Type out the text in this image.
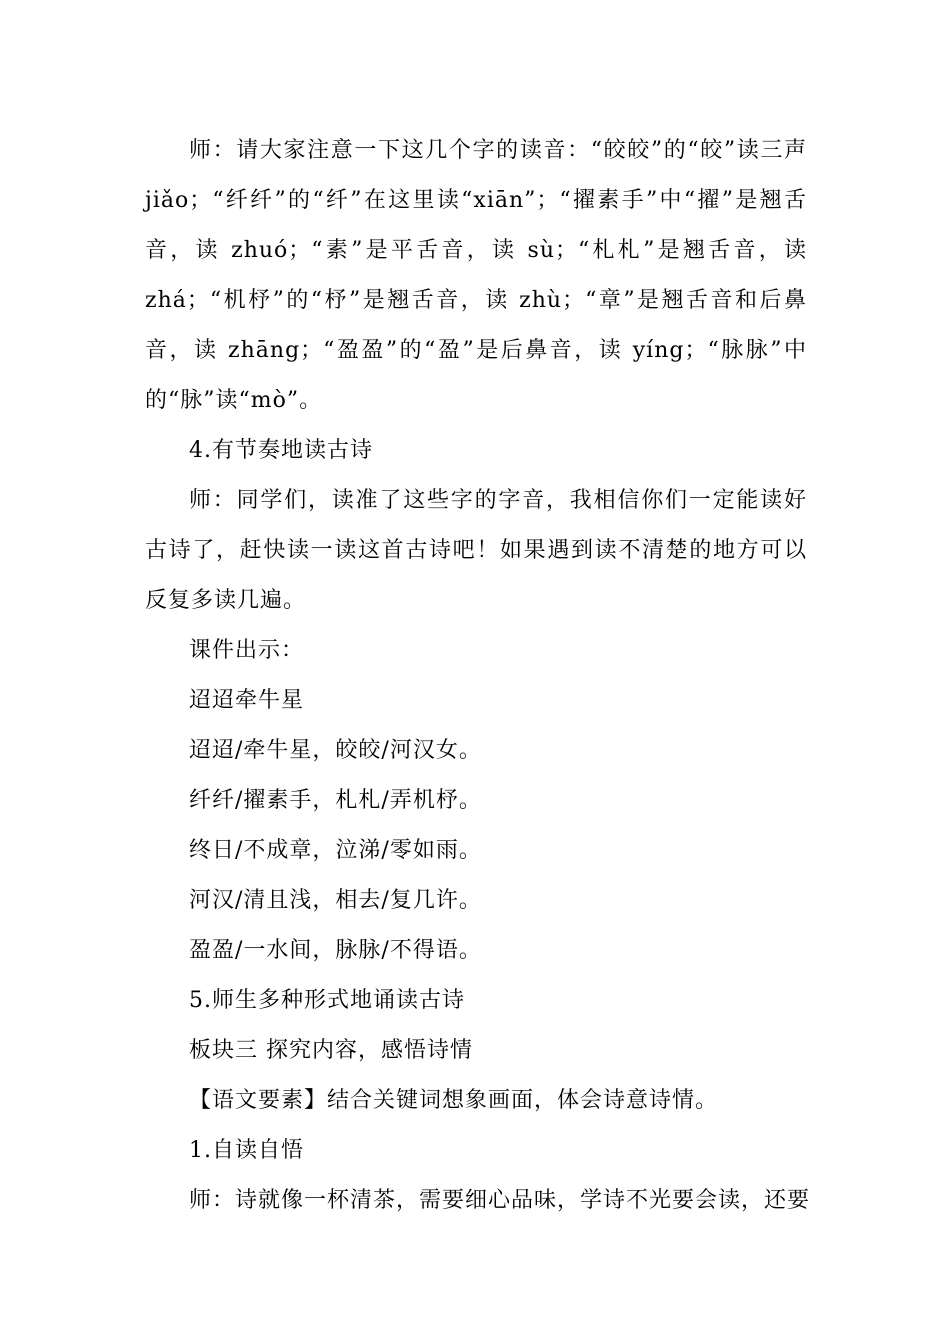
师：请大家注意一下这几个字的读音：“皎皎”的“皎”读三声 jiǎo；“纤纤”的“纤”在这里读“xiān”；“擢素手”中“擢”是翘舌音，读 zhuó；“素”是平舌音，读 sù；“札札”是翘舌音，读 zhá；“机杼”的“杼”是翘舌音，读 zhù；“章”是翘舌音和后鼻音，读 zhāng；“盈盈”的“盈”是后鼻音，读 yíng；“脉脉”中的“脉”读“mò”。

4.有节奏地读古诗

师：同学们，读准了这些字的字音，我相信你们一定能读好古诗了，赶快读一读这首古诗吧！如果遇到读不清楚的地方可以反复多读几遍。

课件出示：

迢迢牵牛星

迢迢/牵牛星，皎皎/河汉女。

纤纤/擢素手，札札/弄机杼。

终日/不成章，泣涕/零如雨。

河汉/清且浅，相去/复几许。

盈盈/一水间，脉脉/不得语。

5.师生多种形式地诵读古诗

板块三 探究内容，感悟诗情

【语文要素】结合关键词想象画面，体会诗意诗情。

1.自读自悟

师：诗就像一杯清茶，需要细心品味，学诗不光要会读，还要
